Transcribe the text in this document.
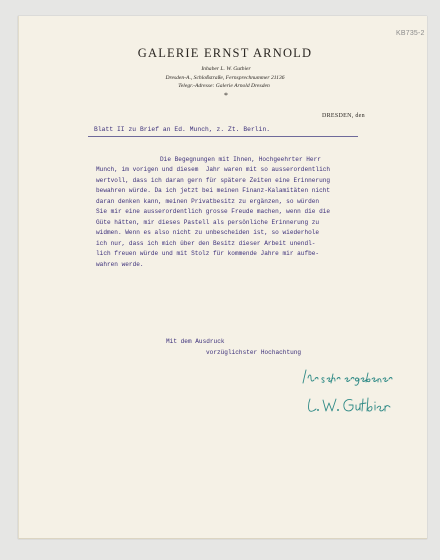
KB735-2
GALERIE ERNST ARNOLD
Inhaber L. W. Gutbier
Dresden-A., Schloßstraße, Fernsprechnummer 21136
Telegr.-Adresse: Galerie Arnold Dresden
*
DRESDEN, den
Blatt II zu Brief an Ed. Munch, z. Zt. Berlin.
Die Begegnungen mit Ihnen, Hochgeehrter Herr
Munch, im vorigen und diesem  Jahr waren mit so ausserordentlich
wertvoll, dass ich daran gern für spätere Zeiten eine Erinnerung
bewahren würde. Da ich jetzt bei meinen Finanz-Kalamitäten nicht
daran denken kann, meinen Privatbesitz zu ergänzen, so würden
Sie mir eine ausserordentlich grosse Freude machen, wenn die die
Güte hätten, mir dieses Pastell als persönliche Erinnerung zu
widmen. Wenn es also nicht zu unbescheiden ist, so wiederhole
ich nur, dass ich mich über den Besitz dieser Arbeit unendl-
lich freuen würde und mit Stolz für kommende Jahre mir aufbe-
wahren werde.
Mit dem Ausdruck
vorzüglichster Hochachtung
